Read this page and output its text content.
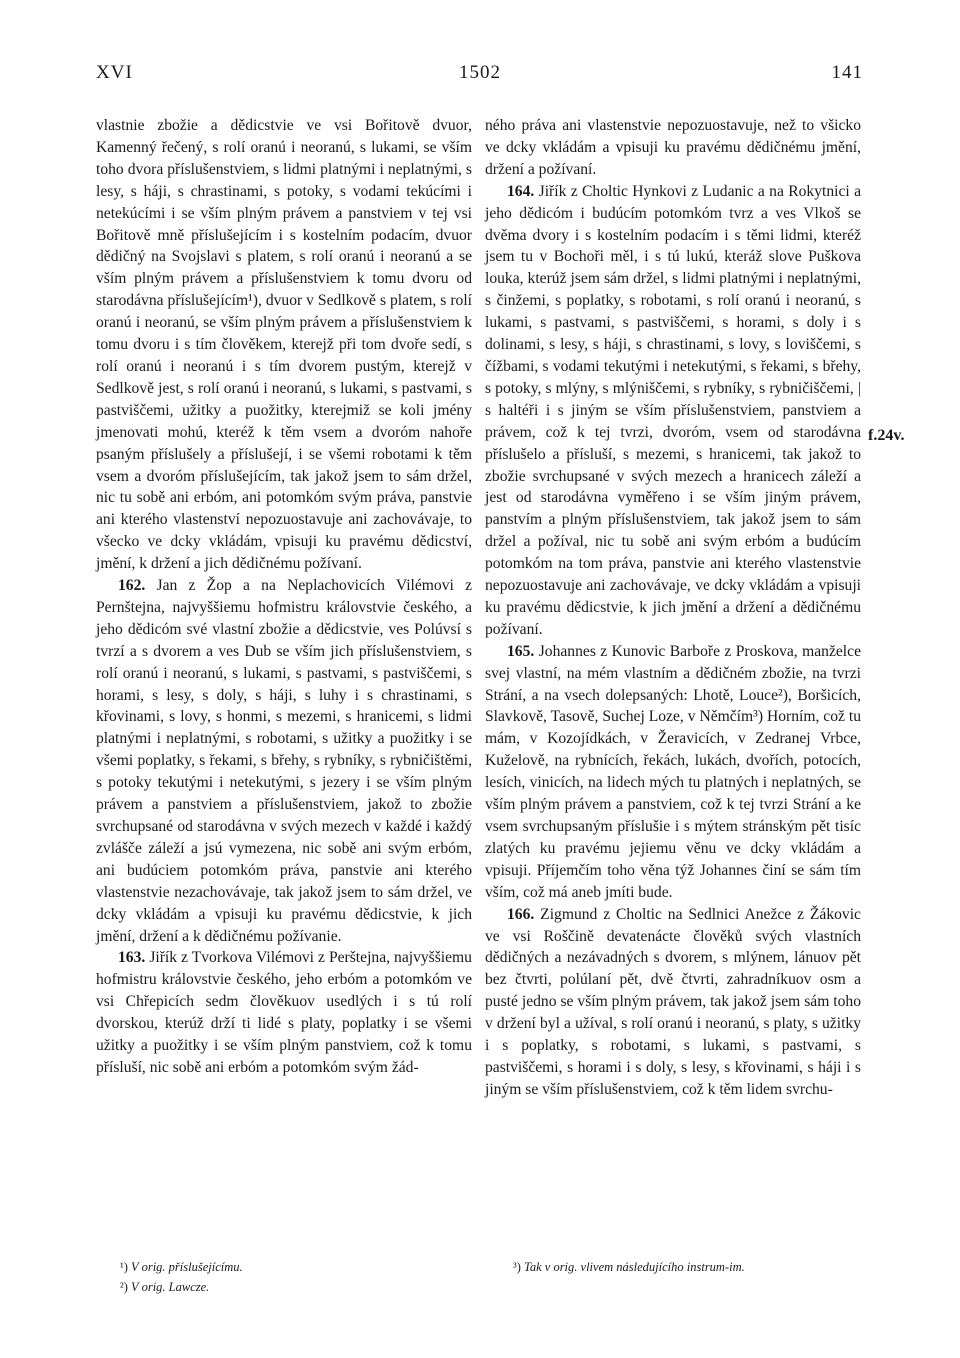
XVI	1502	141

vlastnie zbožie a dědicstvie ve vsi Bořitově dvuor, Kamenný řečený, s rolí oranú i neoranú, s lukami, se vším toho dvora příslušenstviem, s lidmi platnými i neplatnými, s lesy, s háji, s chrastinami, s potoky, s vodami tekúcími i netekúcími i se vším plným právem a panstviem v tej vsi Bořitově mně příslušejícím i s kostelním podacím, dvuor dědičný na Svojslavi s platem, s rolí oranú i neoranú a se vším plným právem a příslušenstviem k tomu dvoru od starodávna příslušejícím¹), dvuor v Sedlkově s platem, s rolí oranú i neoranú, se vším plným právem a příslušenstviem k tomu dvoru i s tím člověkem, kterejž při tom dvoře sedí, s rolí oranú i neoranú i s tím dvorem pustým, kterejž v Sedlkově jest, s rolí oranú i neoranú, s lukami, s pastvami, s pastviščemi, užitky a puožitky, kterejmiž se koli jmény jmenovati mohú, kteréž k těm vsem a dvoróm nahoře psaným příslušely a příslušejí, i se všemi robotami k těm vsem a dvoróm příslušejícím, tak jakož jsem to sám držel, nic tu sobě ani erbóm, ani potomkóm svým práva, panstvie ani kterého vlastenství nepozuostavuje ani zachovávaje, to všecko ve dcky vkládám, vpisuji ku pravému dědicství, jmění, k držení a jich dědičnému požívaní.

162. Jan z Žop a na Neplachovicích Vilémovi z Pernštejna, najvyššiemu hofmistru královstvie českého, a jeho dědicóm své vlastní zbožie a dědicstvie, ves Polúvsí s tvrzí a s dvorem a ves Dub se vším jich příslušenstviem, s rolí oranú i neoranú, s lukami, s pastvami, s pastviščemi, s horami, s lesy, s doly, s háji, s luhy i s chrastinami, s křovinami, s lovy, s honmi, s mezemi, s hranicemi, s lidmi platnými i neplatnými, s robotami, s užitky a puožitky i se všemi poplatky, s řekami, s břehy, s rybníky, s rybničištěmi, s potoky tekutými i netekutými, s jezery i se vším plným právem a panstviem a příslušenstviem, jakož to zbožie svrchupsané od starodávna v svých mezech v každé i každý zvlášče záleží a jsú vymezena, nic sobě ani svým erbóm, ani budúciem potomkóm práva, panstvie ani kterého vlastenstvie nezachovávaje, tak jakož jsem to sám držel, ve dcky vkládám a vpisuji ku pravému dědicstvie, k jich jmění, držení a k dědičnému požívanie.

163. Jiřík z Tvorkova Vilémovi z Perštejna, najvyššiemu hofmistru královstvie českého, jeho erbóm a potomkóm ve vsi Chřepicích sedm člověkuov usedlých i s tú rolí dvorskou, kterúž drží ti lidé s platy, poplatky i se všemi užitky a puožitky i se vším plným panstviem, což k tomu přísluší, nic sobě ani erbóm a potomkóm svým žád-

ného práva ani vlastenstvie nepozuostavuje, než to všicko ve dcky vkládám a vpisuji ku pravému dědičnému jmění, držení a požívaní.

164. Jiřík z Choltic Hynkovi z Ludanic a na Rokytnici a jeho dědicóm i budúcím potomkóm tvrz a ves Vlkoš se dvěma dvory i s kostelním podacím i s těmi lidmi, kteréž jsem tu v Bochoři měl, i s tú lukú, kteráž slove Puškova louka, kterúž jsem sám držel, s lidmi platnými i neplatnými, s činžemi, s poplatky, s robotami, s rolí oranú i neoranú, s lukami, s pastvami, s pastviščemi, s horami, s doly i s dolinami, s lesy, s háji, s chrastinami, s lovy, s loviščemi, s čížbami, s vodami tekutými i netekutými, s řekami, s břehy, s potoky, s mlýny, s mlýniščemi, s rybníky, s rybničiščemi, | s haltéři i s jiným se vším příslušenstviem, panstviem a právem, což k tej tvrzi, dvoróm, vsem od starodávna příslušelo a přísluší, s mezemi, s hranicemi, tak jakož to zbožie svrchupsané v svých mezech a hranicech záleží a jest od starodávna vyměřeno i se vším jiným právem, panstvím a plným příslušenstviem, tak jakož jsem to sám držel a požíval, nic tu sobě ani svým erbóm a budúcím potomkóm na tom práva, panstvie ani kterého vlastenstvie nepozuostavuje ani zachovávaje, ve dcky vkládám a vpisuji ku pravému dědicstvie, k jich jmění a držení a dědičnému požívaní.

165. Johannes z Kunovic Barboře z Proskova, manželce svej vlastní, na mém vlastním a dědičném zbožie, na tvrzi Strání, a na vsech dolepsaných: Lhotě, Louce²), Boršicích, Slavkově, Tasově, Suchej Loze, v Němčím³) Horním, což tu mám, v Kozojídkách, v Žeravicích, v Zedranej Vrbce, Kuželově, na rybnících, řekách, lukách, dvořích, potocích, lesích, vinicích, na lidech mých tu platných i neplatných, se vším plným právem a panstviem, což k tej tvrzi Strání a ke vsem svrchupsaným příslušie i s mýtem stránským pět tisíc zlatých ku pravému jejiemu věnu ve dcky vkládám a vpisuji. Příjemčím toho věna týž Johannes činí se sám tím vším, což má aneb jmíti bude.

166. Zigmund z Choltic na Sedlnici Anežce z Žákovic ve vsi Roščině devatenácte člověků svých vlastních dědičných a nezávadných s dvorem, s mlýnem, lánuov pět bez čtvrti, polúlaní pět, dvě čtvrti, zahradníkuov osm a pusté jedno se vším plným právem, tak jakož jsem sám toho v držení byl a užíval, s rolí oranú i neoranú, s platy, s užitky i s poplatky, s robotami, s lukami, s pastvami, s pastviščemi, s horami i s doly, s lesy, s křovinami, s háji i s jiným se vším příslušenstviem, což k těm lidem svrchu-

f.24v.

¹) V orig. příslušejícímu.

²) V orig. Lawcze.

³) Tak v orig. vlivem následujícího instrum-im.
